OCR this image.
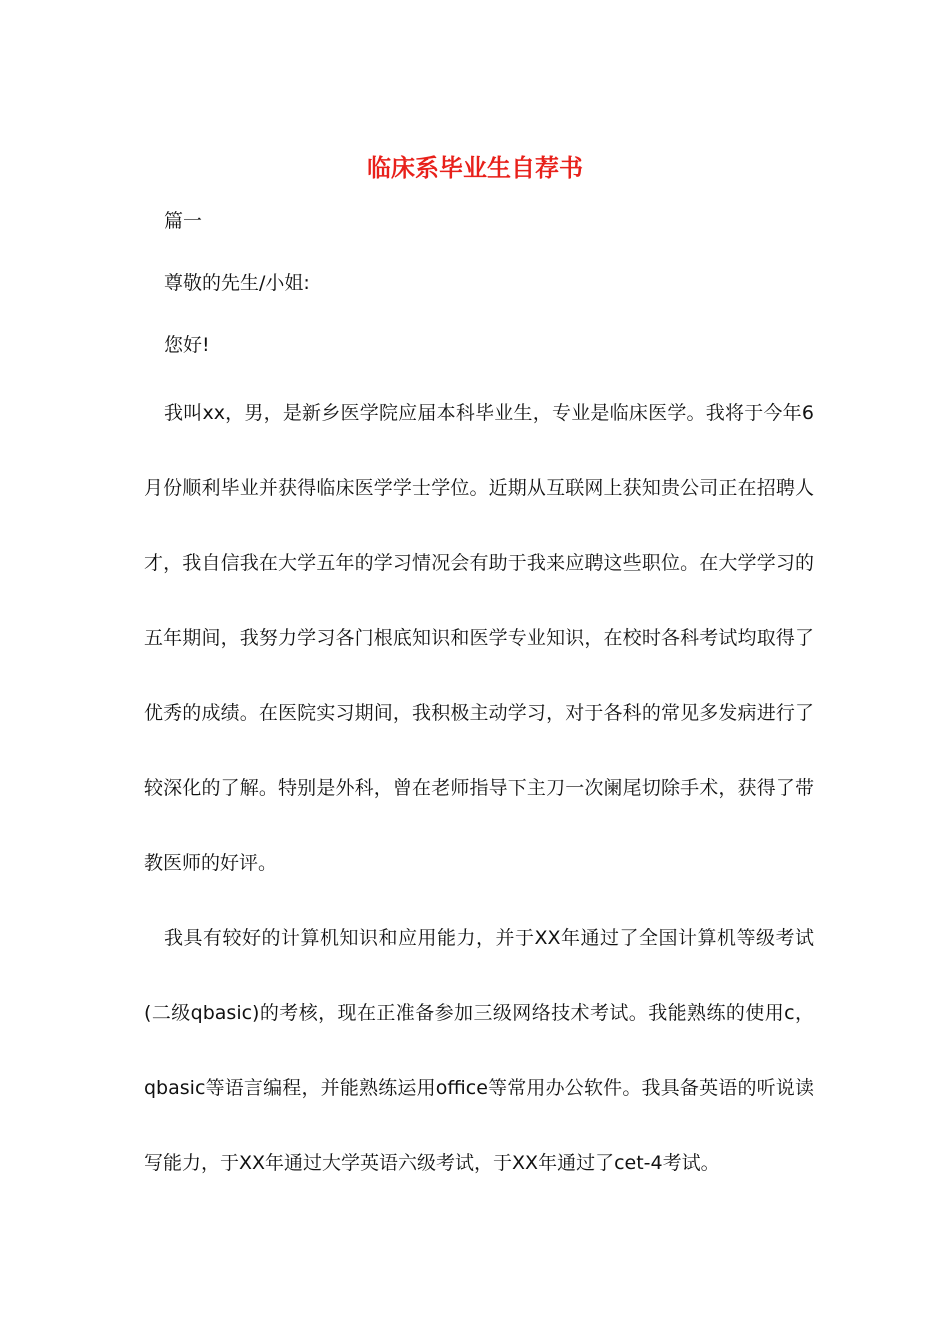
临床系毕业生自荐书

篇一

尊敬的先生/小姐:

您好!

我叫xx，男，是新乡医学院应届本科毕业生，专业是临床医学。我将于今年6月份顺利毕业并获得临床医学学士学位。近期从互联网上获知贵公司正在招聘人才，我自信我在大学五年的学习情况会有助于我来应聘这些职位。在大学学习的五年期间，我努力学习各门根底知识和医学专业知识，在校时各科考试均取得了优秀的成绩。在医院实习期间，我积极主动学习，对于各科的常见多发病进行了较深化的了解。特别是外科，曾在老师指导下主刀一次阑尾切除手术，获得了带教医师的好评。

我具有较好的计算机知识和应用能力，并于XX年通过了全国计算机等级考试(二级qbasic)的考核，现在正准备参加三级网络技术考试。我能熟练的使用c，qbasic等语言编程，并能熟练运用office等常用办公软件。我具备英语的听说读写能力，于XX年通过大学英语六级考试，于XX年通过了cet-4考试。
